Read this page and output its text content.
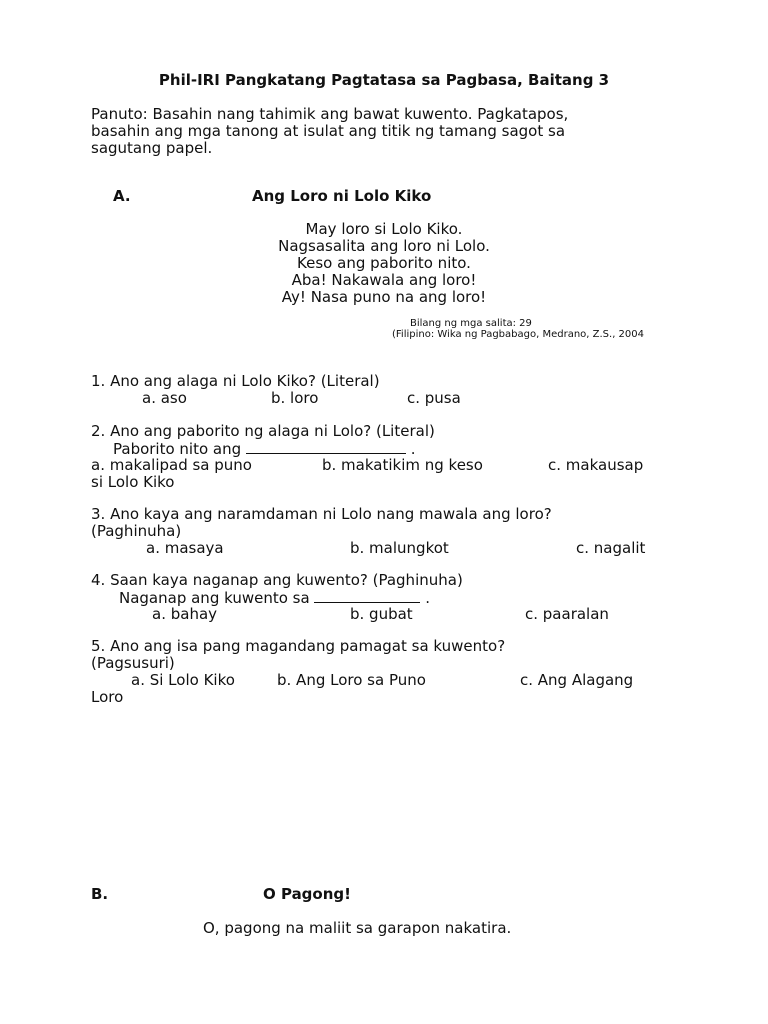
Phil-IRI Pangkatang Pagtatasa sa Pagbasa, Baitang 3
Panuto: Basahin nang tahimik ang bawat kuwento. Pagkatapos,
basahin ang mga tanong at isulat ang titik ng tamang sagot sa
sagutang papel.
A.	Ang Loro ni Lolo Kiko
May loro si Lolo Kiko.
Nagsasalita ang loro ni Lolo.
Keso ang paborito nito.
Aba! Nakawala ang loro!
Ay! Nasa puno na ang loro!
Bilang ng mga salita: 29
(Filipino: Wika ng Pagbabago, Medrano, Z.S., 2004
1. Ano ang alaga ni Lolo Kiko? (Literal)
a. aso	b. loro	c. pusa
2. Ano ang paborito ng alaga ni Lolo? (Literal)
Paborito nito ang	.
a. makalipad sa puno	b. makatikim ng keso	c. makausap
si Lolo Kiko
3. Ano kaya ang naramdaman ni Lolo nang mawala ang loro?
(Paghinuha)
a. masaya	b. malungkot	c. nagalit
4. Saan kaya naganap ang kuwento? (Paghinuha)
Naganap ang kuwento sa	.
a. bahay	b. gubat	c. paaralan
5. Ano ang isa pang magandang pamagat sa kuwento?
(Pagsusuri)
a. Si Lolo Kiko	b. Ang Loro sa Puno	c. Ang Alagang
Loro
B.	O Pagong!
O, pagong na maliit sa garapon nakatira.
